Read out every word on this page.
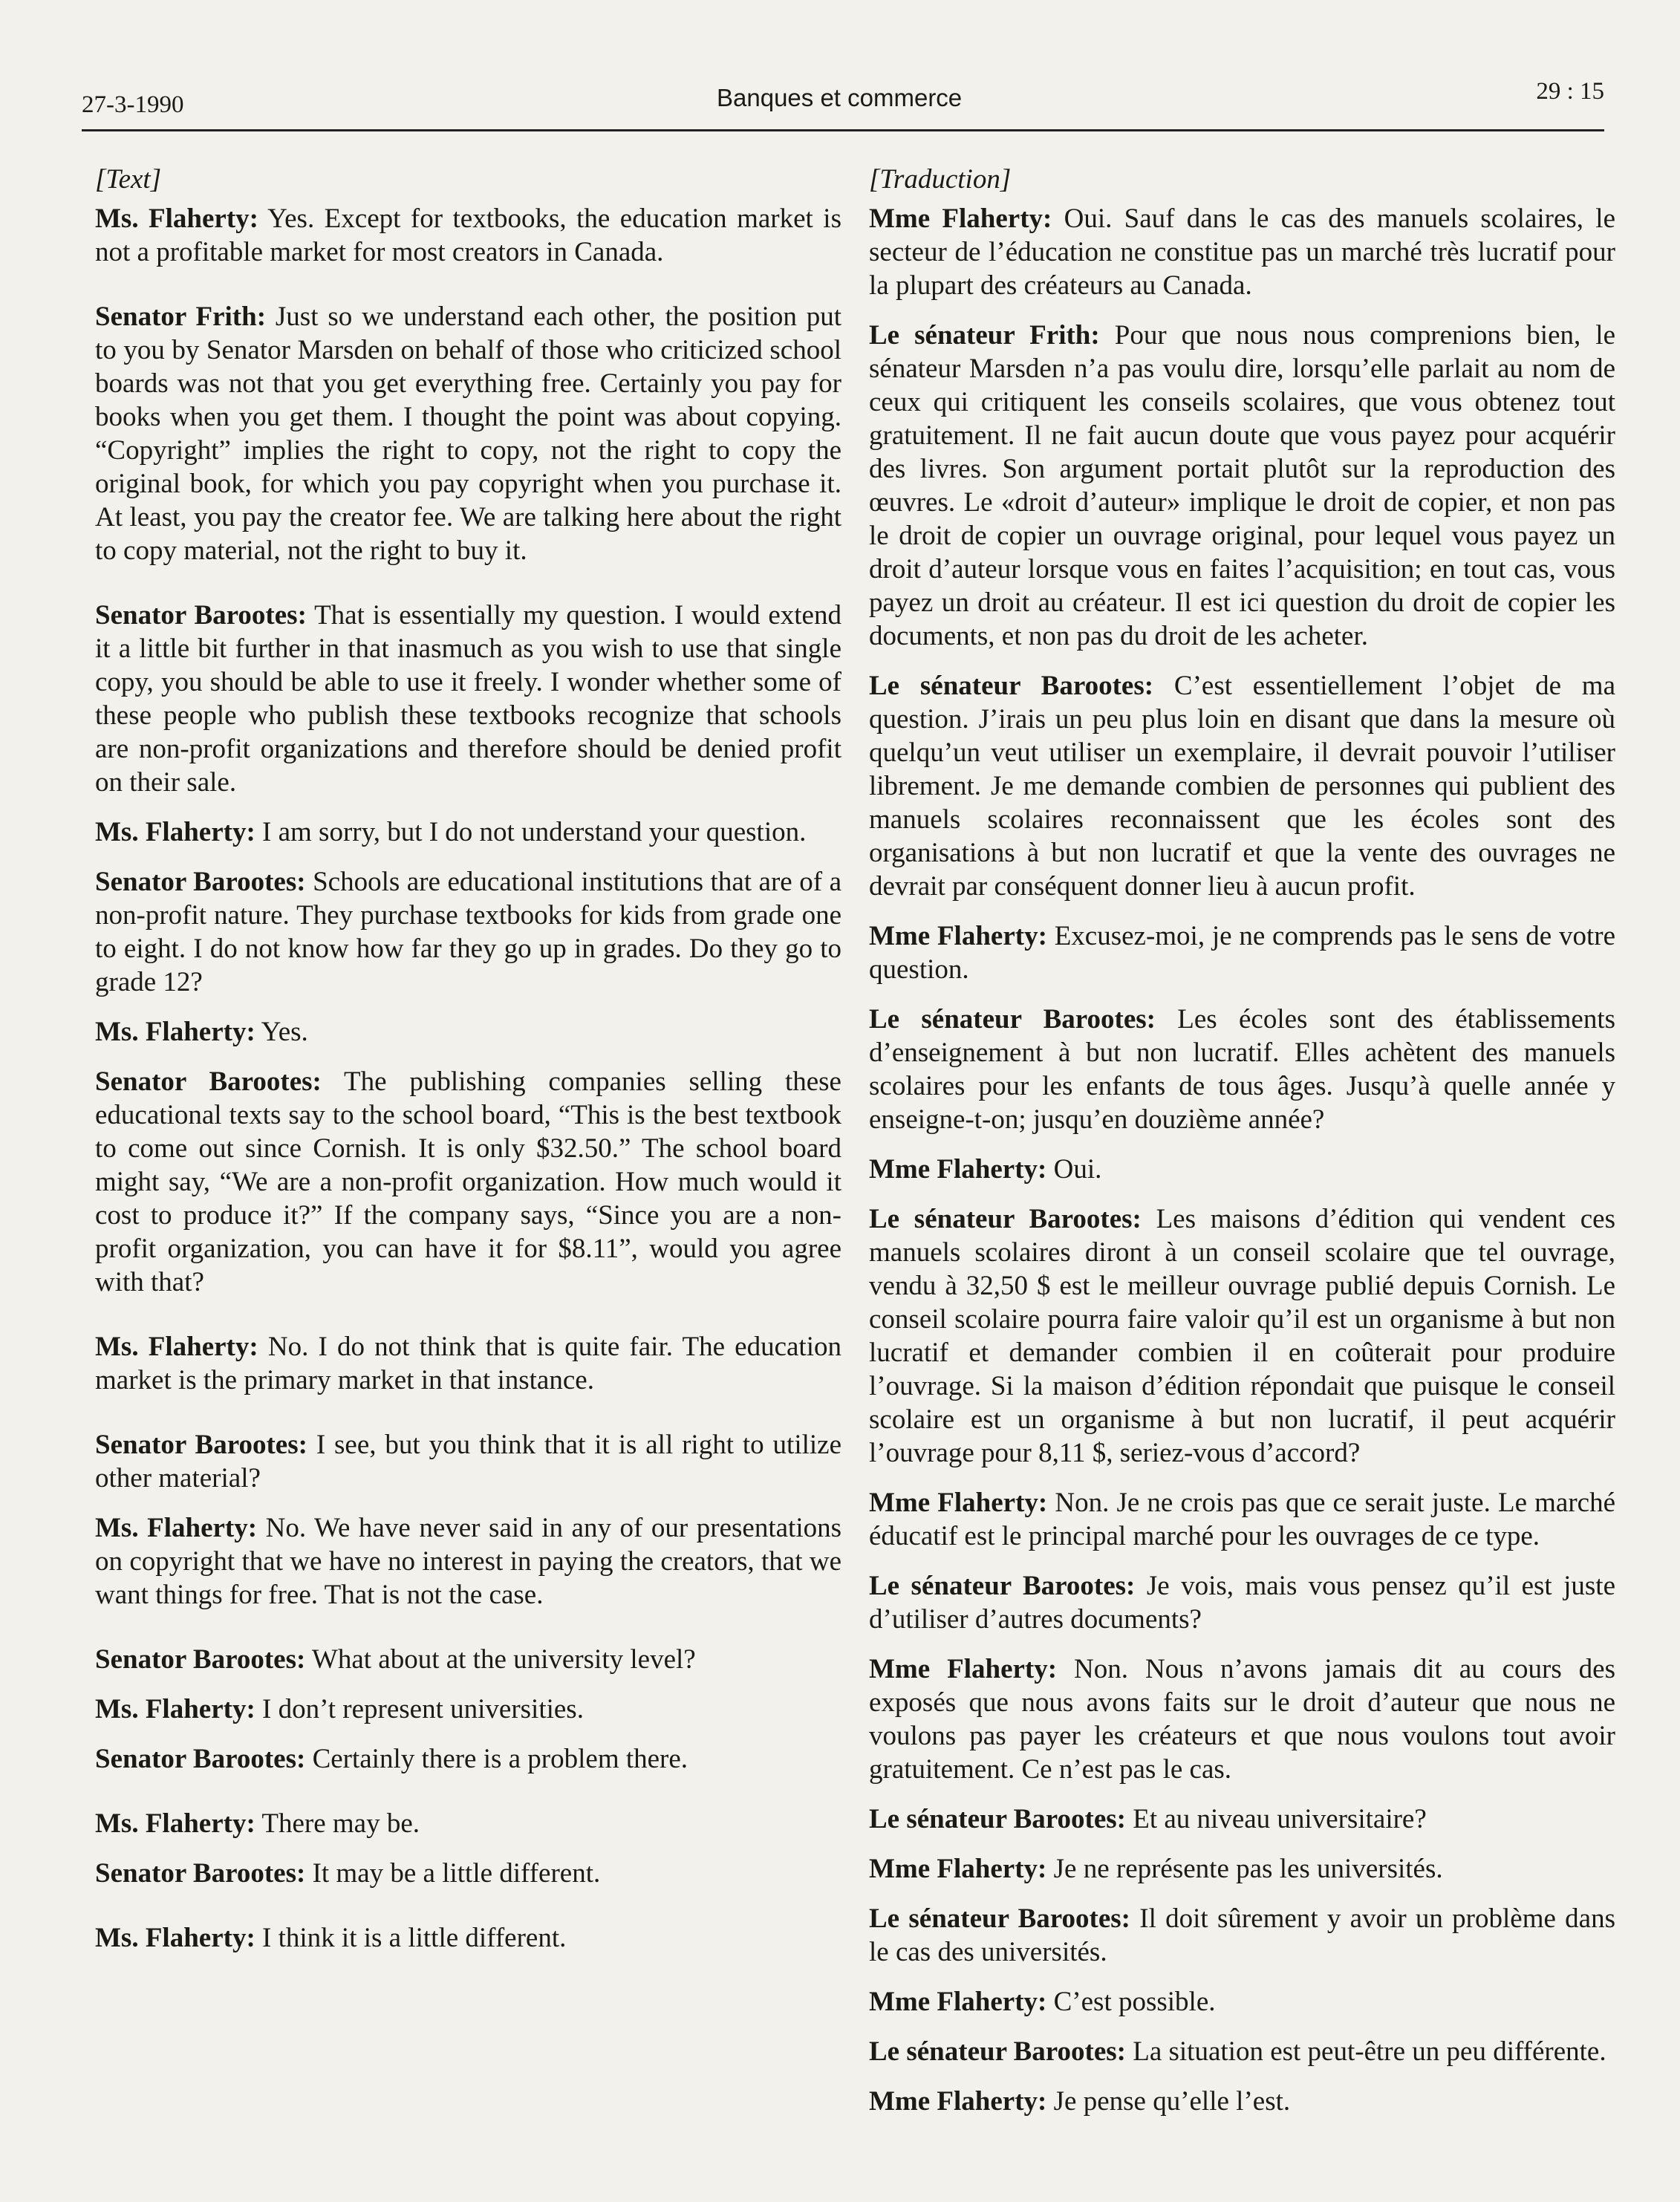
27-3-1990	Banques et commerce	29 : 15
[Text]

Ms. Flaherty: Yes. Except for textbooks, the education market is not a profitable market for most creators in Canada.

Senator Frith: Just so we understand each other, the position put to you by Senator Marsden on behalf of those who criticized school boards was not that you get everything free. Certainly you pay for books when you get them. I thought the point was about copying. “Copyright” implies the right to copy, not the right to copy the original book, for which you pay copyright when you purchase it. At least, you pay the creator fee. We are talking here about the right to copy material, not the right to buy it.

Senator Barootes: That is essentially my question. I would extend it a little bit further in that inasmuch as you wish to use that single copy, you should be able to use it freely. I wonder whether some of these people who publish these textbooks recognize that schools are non-profit organizations and therefore should be denied profit on their sale.

Ms. Flaherty: I am sorry, but I do not understand your question.

Senator Barootes: Schools are educational institutions that are of a non-profit nature. They purchase textbooks for kids from grade one to eight. I do not know how far they go up in grades. Do they go to grade 12?

Ms. Flaherty: Yes.

Senator Barootes: The publishing companies selling these educational texts say to the school board, “This is the best textbook to come out since Cornish. It is only $32.50.” The school board might say, “We are a non-profit organization. How much would it cost to produce it?” If the company says, “Since you are a non-profit organization, you can have it for $8.11”, would you agree with that?

Ms. Flaherty: No. I do not think that is quite fair. The education market is the primary market in that instance.

Senator Barootes: I see, but you think that it is all right to utilize other material?

Ms. Flaherty: No. We have never said in any of our presentations on copyright that we have no interest in paying the creators, that we want things for free. That is not the case.

Senator Barootes: What about at the university level?

Ms. Flaherty: I don’t represent universities.

Senator Barootes: Certainly there is a problem there.

Ms. Flaherty: There may be.

Senator Barootes: It may be a little different.

Ms. Flaherty: I think it is a little different.

[Traduction]

Mme Flaherty: Oui. Sauf dans le cas des manuels scolaires, le secteur de l’éducation ne constitue pas un marché très lucratif pour la plupart des créateurs au Canada.

Le sénateur Frith: Pour que nous nous comprenions bien, le sénateur Marsden n’a pas voulu dire, lorsqu’elle parlait au nom de ceux qui critiquent les conseils scolaires, que vous obtenez tout gratuitement. Il ne fait aucun doute que vous payez pour acquérir des livres. Son argument portait plutôt sur la reproduction des œuvres. Le «droit d’auteur» implique le droit de copier, et non pas le droit de copier un ouvrage original, pour lequel vous payez un droit d’auteur lorsque vous en faites l’acquisition; en tout cas, vous payez un droit au créateur. Il est ici question du droit de copier les documents, et non pas du droit de les acheter.

Le sénateur Barootes: C’est essentiellement l’objet de ma question. J’irais un peu plus loin en disant que dans la mesure où quelqu’un veut utiliser un exemplaire, il devrait pouvoir l’utiliser librement. Je me demande combien de personnes qui publient des manuels scolaires reconnaissent que les écoles sont des organisations à but non lucratif et que la vente des ouvrages ne devrait par conséquent donner lieu à aucun profit.

Mme Flaherty: Excusez-moi, je ne comprends pas le sens de votre question.

Le sénateur Barootes: Les écoles sont des établissements d’enseignement à but non lucratif. Elles achètent des manuels scolaires pour les enfants de tous âges. Jusqu’à quelle année y enseigne-t-on; jusqu’en douzième année?

Mme Flaherty: Oui.

Le sénateur Barootes: Les maisons d’édition qui vendent ces manuels scolaires diront à un conseil scolaire que tel ouvrage, vendu à 32,50 $ est le meilleur ouvrage publié depuis Cornish. Le conseil scolaire pourra faire valoir qu’il est un organisme à but non lucratif et demander combien il en coûterait pour produire l’ouvrage. Si la maison d’édition répondait que puisque le conseil scolaire est un organisme à but non lucratif, il peut acquérir l’ouvrage pour 8,11 $, seriez-vous d’accord?

Mme Flaherty: Non. Je ne crois pas que ce serait juste. Le marché éducatif est le principal marché pour les ouvrages de ce type.

Le sénateur Barootes: Je vois, mais vous pensez qu’il est juste d’utiliser d’autres documents?

Mme Flaherty: Non. Nous n’avons jamais dit au cours des exposés que nous avons faits sur le droit d’auteur que nous ne voulons pas payer les créateurs et que nous voulons tout avoir gratuitement. Ce n’est pas le cas.

Le sénateur Barootes: Et au niveau universitaire?

Mme Flaherty: Je ne représente pas les universités.

Le sénateur Barootes: Il doit sûrement y avoir un problème dans le cas des universités.

Mme Flaherty: C’est possible.

Le sénateur Barootes: La situation est peut-être un peu différente.

Mme Flaherty: Je pense qu’elle l’est.
